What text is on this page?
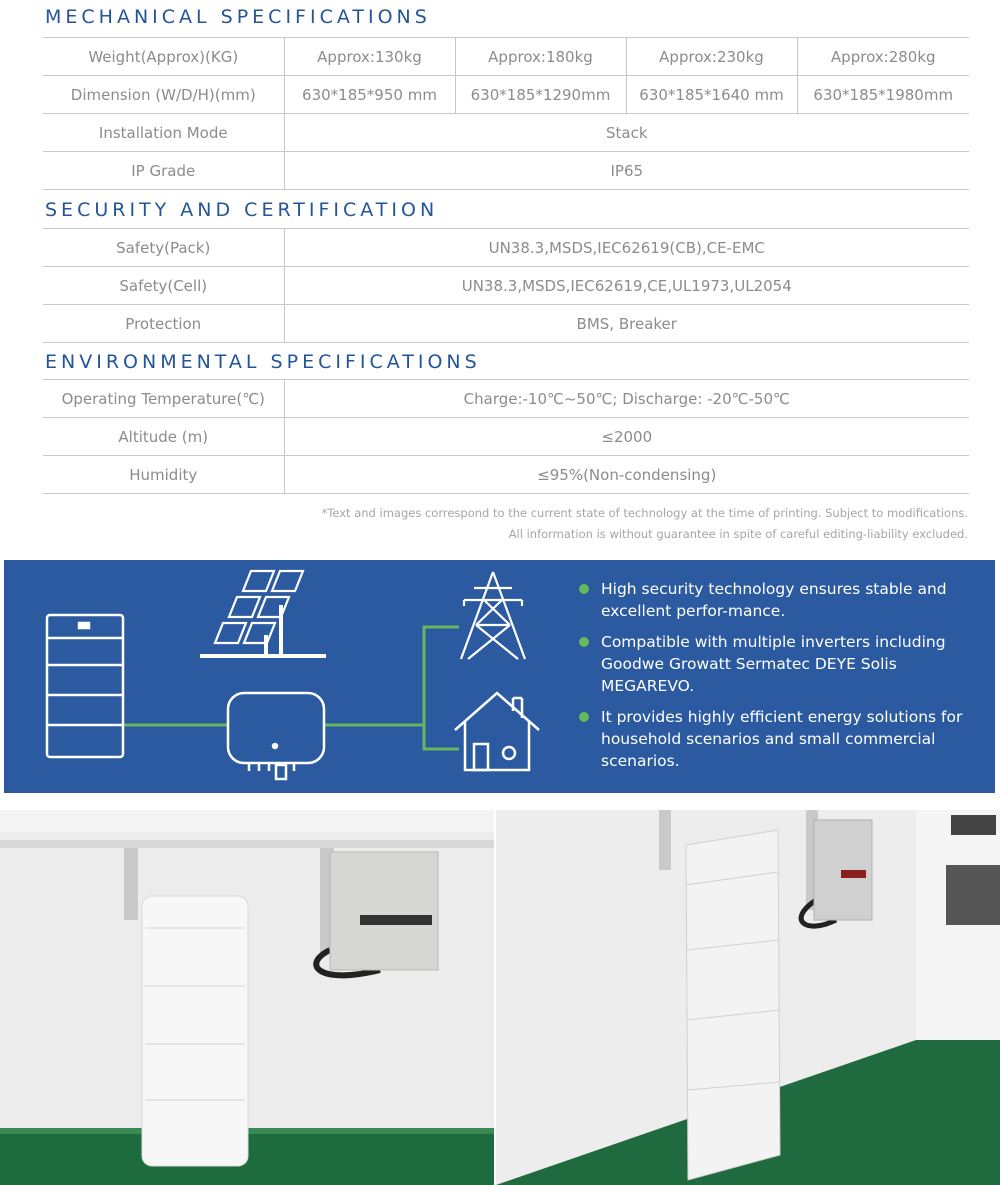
MECHANICAL SPECIFICATIONS
Weight(Approx)(KG)	Approx:130kg	Approx:180kg	Approx:230kg	Approx:280kg
Dimension (W/D/H)(mm)	630*185*950 mm	630*185*1290mm	630*185*1640 mm	630*185*1980mm
Installation Mode	Stack			
IP Grade	IP65			
SECURITY AND CERTIFICATION
Safety(Pack)	UN38.3,MSDS,IEC62619(CB),CE-EMC
Safety(Cell)	UN38.3,MSDS,IEC62619,CE,UL1973,UL2054
Protection	BMS, Breaker
ENVIRONMENTAL SPECIFICATIONS
Operating Temperature(℃)	Charge:-10℃~50℃; Discharge: -20℃-50℃
Altitude (m)	≤2000
Humidity	≤95%(Non-condensing)
*Text and images correspond to the current state of technology at the time of printing. Subject to modifications.
All information is without guarantee in spite of careful editing-liability excluded.
High security technology ensures stable and excellent perfor-mance.
Compatible with multiple inverters including Goodwe Growatt Sermatec DEYE Solis MEGAREVO.
It provides highly efficient energy solutions for household scenarios and small commercial scenarios.
